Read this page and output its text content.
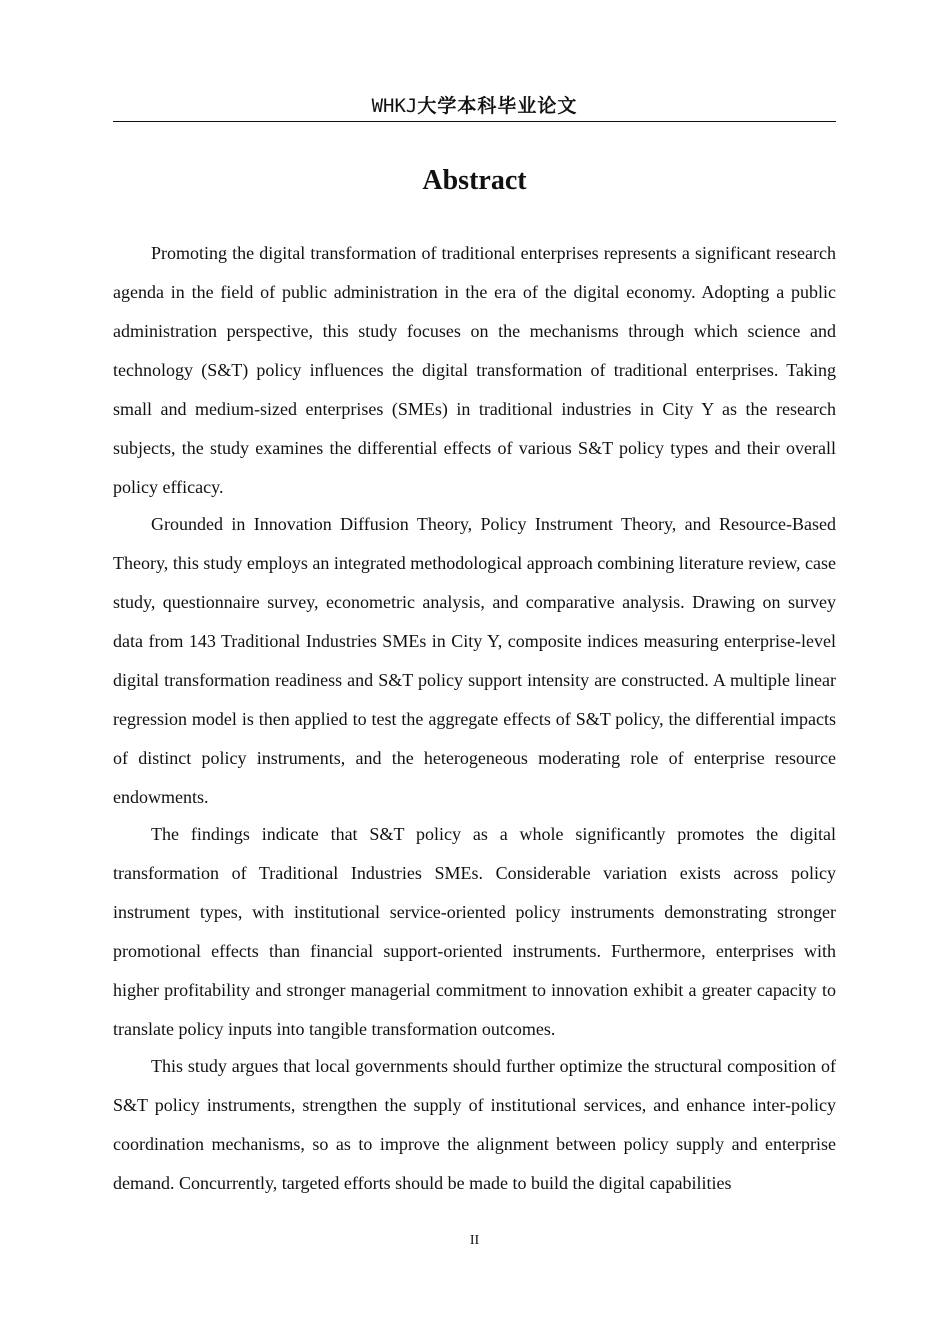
WHKJ大学本科毕业论文
Abstract

Promoting the digital transformation of traditional enterprises represents a significant research agenda in the field of public administration in the era of the digital economy. Adopting a public administration perspective, this study focuses on the mechanisms through which science and technology (S&T) policy influences the digital transformation of traditional enterprises. Taking small and medium-sized enterprises (SMEs) in traditional industries in City Y as the research subjects, the study examines the differential effects of various S&T policy types and their overall policy efficacy.

Grounded in Innovation Diffusion Theory, Policy Instrument Theory, and Resource-Based Theory, this study employs an integrated methodological approach combining literature review, case study, questionnaire survey, econometric analysis, and comparative analysis. Drawing on survey data from 143 Traditional Industries SMEs in City Y, composite indices measuring enterprise-level digital transformation readiness and S&T policy support intensity are constructed. A multiple linear regression model is then applied to test the aggregate effects of S&T policy, the differential impacts of distinct policy instruments, and the heterogeneous moderating role of enterprise resource endowments.

The findings indicate that S&T policy as a whole significantly promotes the digital transformation of Traditional Industries SMEs. Considerable variation exists across policy instrument types, with institutional service-oriented policy instruments demonstrating stronger promotional effects than financial support-oriented instruments. Furthermore, enterprises with higher profitability and stronger managerial commitment to innovation exhibit a greater capacity to translate policy inputs into tangible transformation outcomes.

This study argues that local governments should further optimize the structural composition of S&T policy instruments, strengthen the supply of institutional services, and enhance inter-policy coordination mechanisms, so as to improve the alignment between policy supply and enterprise demand. Concurrently, targeted efforts should be made to build the digital capabilities

II
